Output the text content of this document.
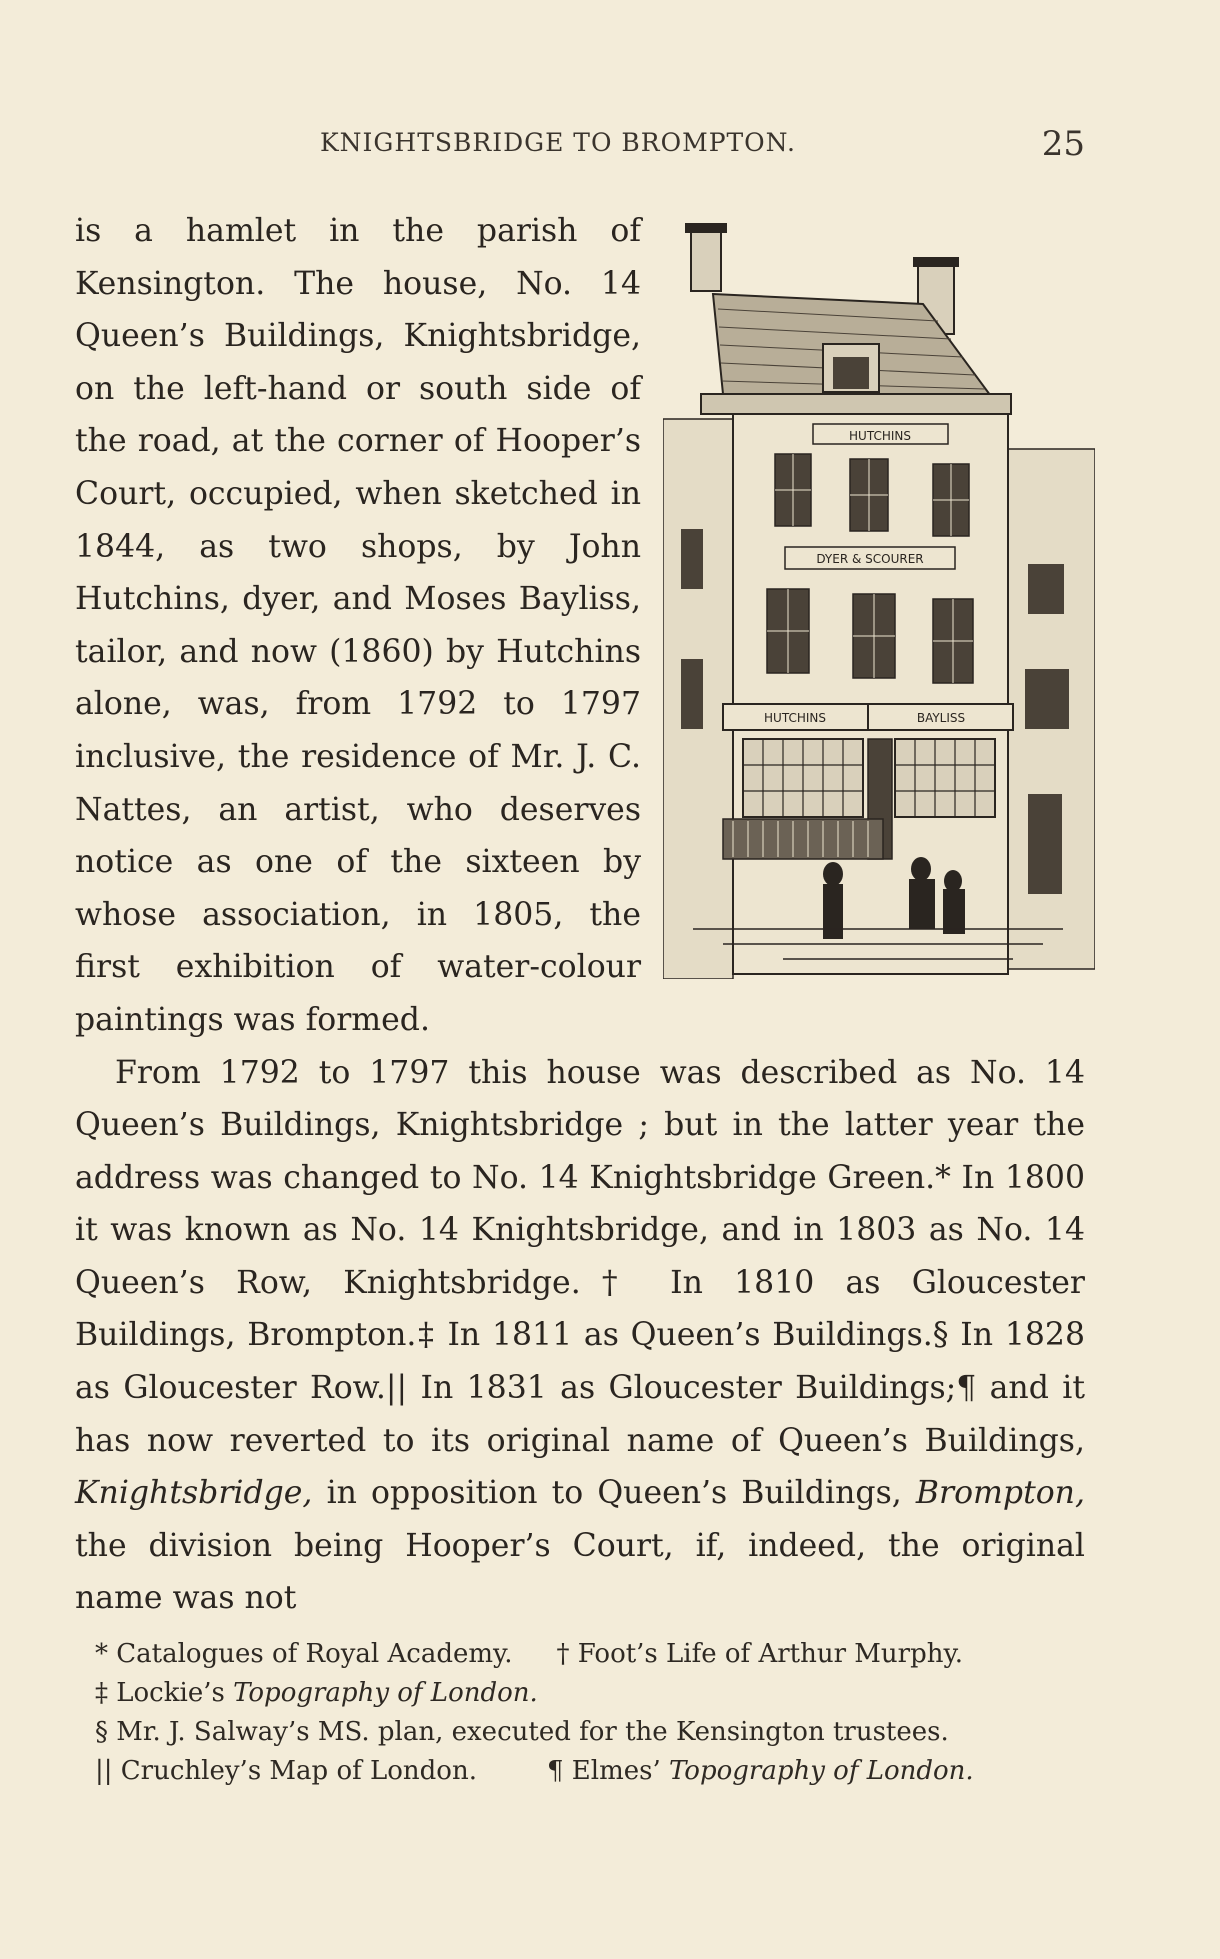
KNIGHTSBRIDGE TO BROMPTON.	25
HUTCHINS
DYER & SCOURER
HUTCHINS	BAYLISS

is a hamlet in the parish of Kensington. The house, No. 14 Queen’s Buildings, Knightsbridge, on the left-hand or south side of the road, at the corner of Hooper’s Court, occupied, when sketched in 1844, as two shops, by John Hutchins, dyer, and Moses Bayliss, tailor, and now (1860) by Hutchins alone, was, from 1792 to 1797 inclusive, the residence of Mr. J. C. Nattes, an artist, who deserves notice as one of the sixteen by whose association, in 1805, the first exhibition of water-colour paintings was formed.

From 1792 to 1797 this house was described as No. 14 Queen’s Buildings, Knightsbridge ; but in the latter year the address was changed to No. 14 Knightsbridge Green.* In 1800 it was known as No. 14 Knightsbridge, and in 1803 as No. 14 Queen’s Row, Knightsbridge.† In 1810 as Gloucester Buildings, Brompton.‡ In 1811 as Queen’s Buildings.§ In 1828 as Gloucester Row.|| In 1831 as Gloucester Buildings;¶ and it has now reverted to its original name of Queen’s Buildings, Knightsbridge, in opposition to Queen’s Buildings, Brompton, the division being Hooper’s Court, if, indeed, the original name was not

* Catalogues of Royal Academy. † Foot’s Life of Arthur Murphy.
‡ Lockie’s Topography of London.
§ Mr. J. Salway’s MS. plan, executed for the Kensington trustees.
|| Cruchley’s Map of London.	¶ Elmes’ Topography of London.
